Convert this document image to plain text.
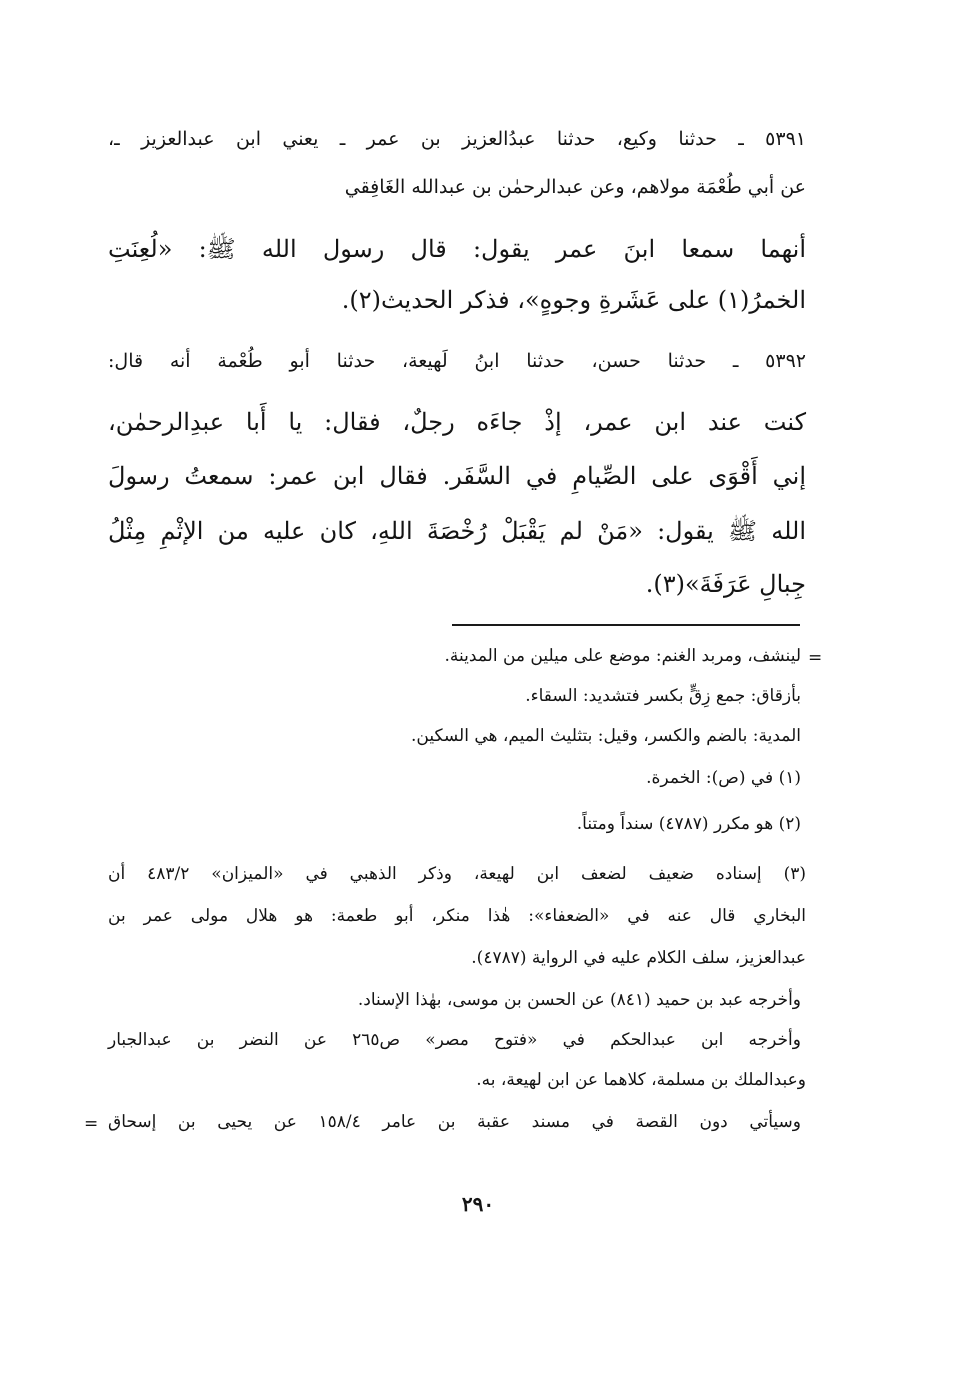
٥٣٩١ ـ حدثنا وكيع، حدثنا عبدُالعزيز بن عمر ـ يعني ابن عبدالعزيز ـ،
عن أبي طُعْمَة مولاهم، وعن عبدالرحمٰن بن عبدالله الغَافِقي
أنهما سمعا ابنَ عمر يقول: قال رسول الله ﷺ: «لُعِنَتِ
الخمرُ(١) على عَشَرةِ وجوهٍ»، فذكر الحديث(٢).
٥٣٩٢ ـ حدثنا حسن، حدثنا ابنُ لَهيعة، حدثنا أبو طُعْمة أنه قال:
كنت عند ابن عمر، إذْ جاءَه رجلٌ، فقال: يا أَبا عبدِالرحمٰن،
إني أَقْوَى على الصِّيامِ في السَّفَر. فقال ابن عمر: سمعتُ رسولَ
الله ﷺ يقول: «مَنْ لم يَقْبَلْ رُخْصَةَ اللهِ، كان عليه من الإثْمِ مِثْلُ
جِبالِ عَرَفَةَ»(٣).
=
لينشف، ومربد الغنم: موضع على ميلين من المدينة.
بأزقاق: جمع زِقٍّ بكسر فتشديد: السقاء.
المدية: بالضم والكسر، وقيل: بتثليث الميم، هي السكين.
(١) في (ص): الخمرة.
(٢) هو مكرر (٤٧٨٧) سنداً ومتناً.
(٣) إسناده ضعيف لضعف ابن لهيعة، وذكر الذهبي في «الميزان» ٤٨٣/٢ أن
البخاري قال عنه في «الضعفاء»: هٰذا منكر، أبو طعمة: هو هلال مولى عمر بن
عبدالعزيز، سلف الكلام عليه في الرواية (٤٧٨٧).
وأخرجه عبد بن حميد (٨٤١) عن الحسن بن موسى، بهٰذا الإسناد.
وأخرجه ابن عبدالحكم في «فتوح مصر» ص٢٦٥ عن النضر بن عبدالجبار
وعبدالملك بن مسلمة، كلاهما عن ابن لهيعة، به.
وسيأتي دون القصة في مسند عقبة بن عامر ١٥٨/٤ عن يحيى بن إسحاق
=
٢٩٠
